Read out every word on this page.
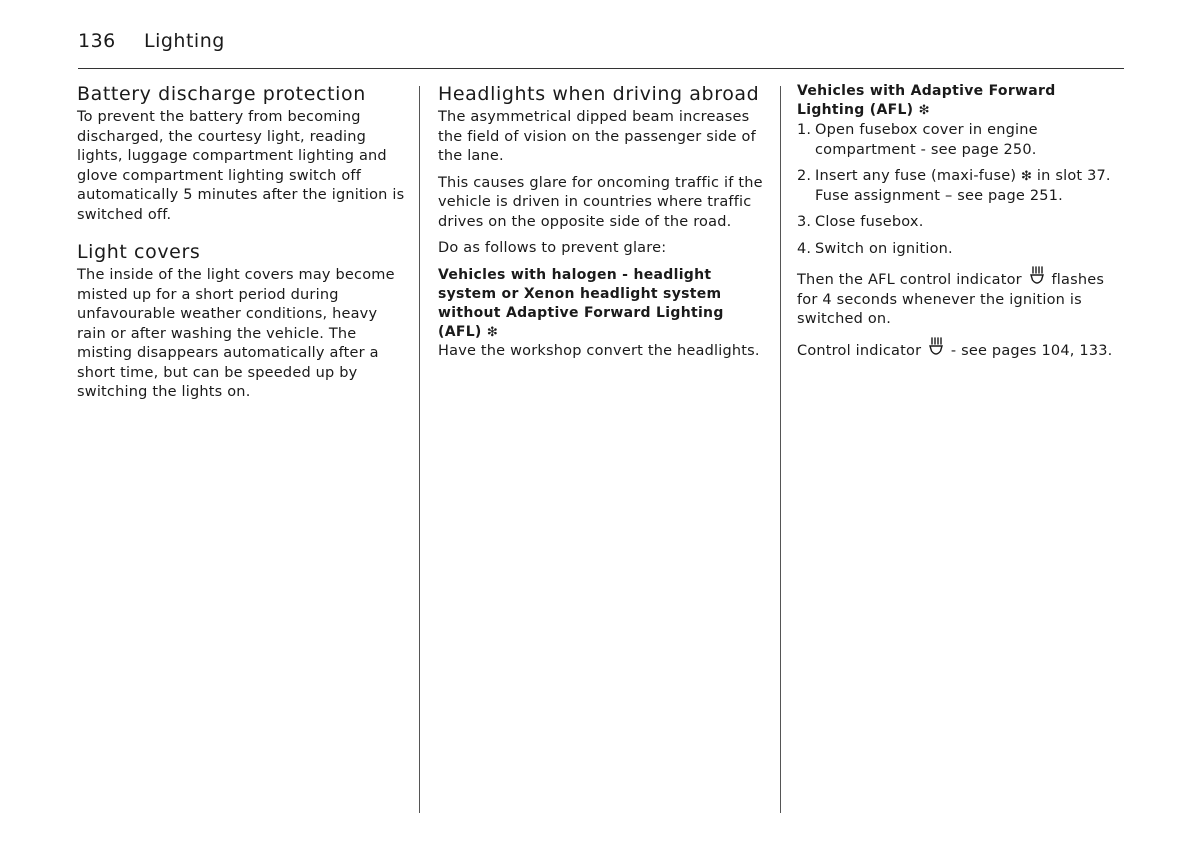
136 Lighting
Battery discharge protection

To prevent the battery from becoming discharged, the courtesy light, reading lights, luggage compartment lighting and glove compartment lighting switch off automatically 5 minutes after the ignition is switched off.

Light covers

The inside of the light covers may become misted up for a short period during unfavourable weather conditions, heavy rain or after washing the vehicle. The misting disappears automatically after a short time, but can be speeded up by switching the lights on.

Headlights when driving abroad

The asymmetrical dipped beam increases the field of vision on the passenger side of the lane.

This causes glare for oncoming traffic if the vehicle is driven in countries where traffic drives on the opposite side of the road.

Do as follows to prevent glare:

Vehicles with halogen - headlight system or Xenon headlight system without Adaptive Forward Lighting (AFL) ❇

Have the workshop convert the headlights.

Vehicles with Adaptive Forward Lighting (AFL) ❇
1. Open fusebox cover in engine compartment - see page 250.
2. Insert any fuse (maxi-fuse) ❇ in slot 37. Fuse assignment – see page 251.
3. Close fusebox.
4. Switch on ignition.

Then the AFL control indicator flashes for 4 seconds whenever the ignition is switched on.

Control indicator - see pages 104, 133.
